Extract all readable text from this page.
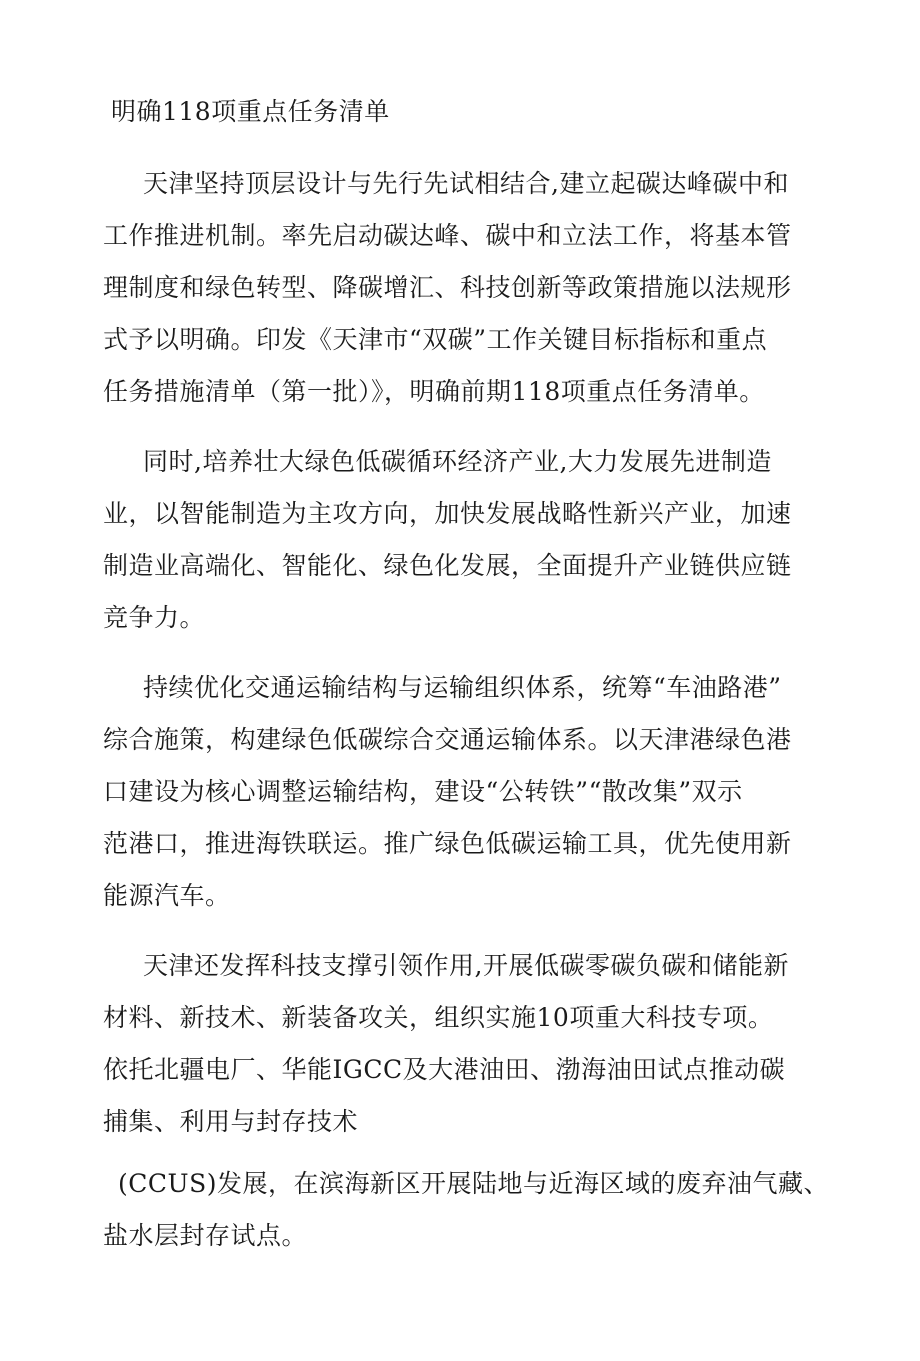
明确118项重点任务清单
天津坚持顶层设计与先行先试相结合,建立起碳达峰碳中和
工作推进机制。率先启动碳达峰、碳中和立法工作，将基本管
理制度和绿色转型、降碳增汇、科技创新等政策措施以法规形
式予以明确。印发《天津市“双碳”工作关键目标指标和重点
任务措施清单（第一批）》，明确前期118项重点任务清单。
同时,培养壮大绿色低碳循环经济产业,大力发展先进制造
业，以智能制造为主攻方向，加快发展战略性新兴产业，加速
制造业高端化、智能化、绿色化发展，全面提升产业链供应链
竞争力。
持续优化交通运输结构与运输组织体系，统筹“车油路港”
综合施策，构建绿色低碳综合交通运输体系。以天津港绿色港
口建设为核心调整运输结构，建设“公转铁”“散改集”双示
范港口，推进海铁联运。推广绿色低碳运输工具，优先使用新
能源汽车。
天津还发挥科技支撑引领作用,开展低碳零碳负碳和储能新
材料、新技术、新装备攻关，组织实施10项重大科技专项。
依托北疆电厂、华能IGCC及大港油田、渤海油田试点推动碳
捕集、利用与封存技术
(CCUS)发展，在滨海新区开展陆地与近海区域的废弃油气藏、
盐水层封存试点。
